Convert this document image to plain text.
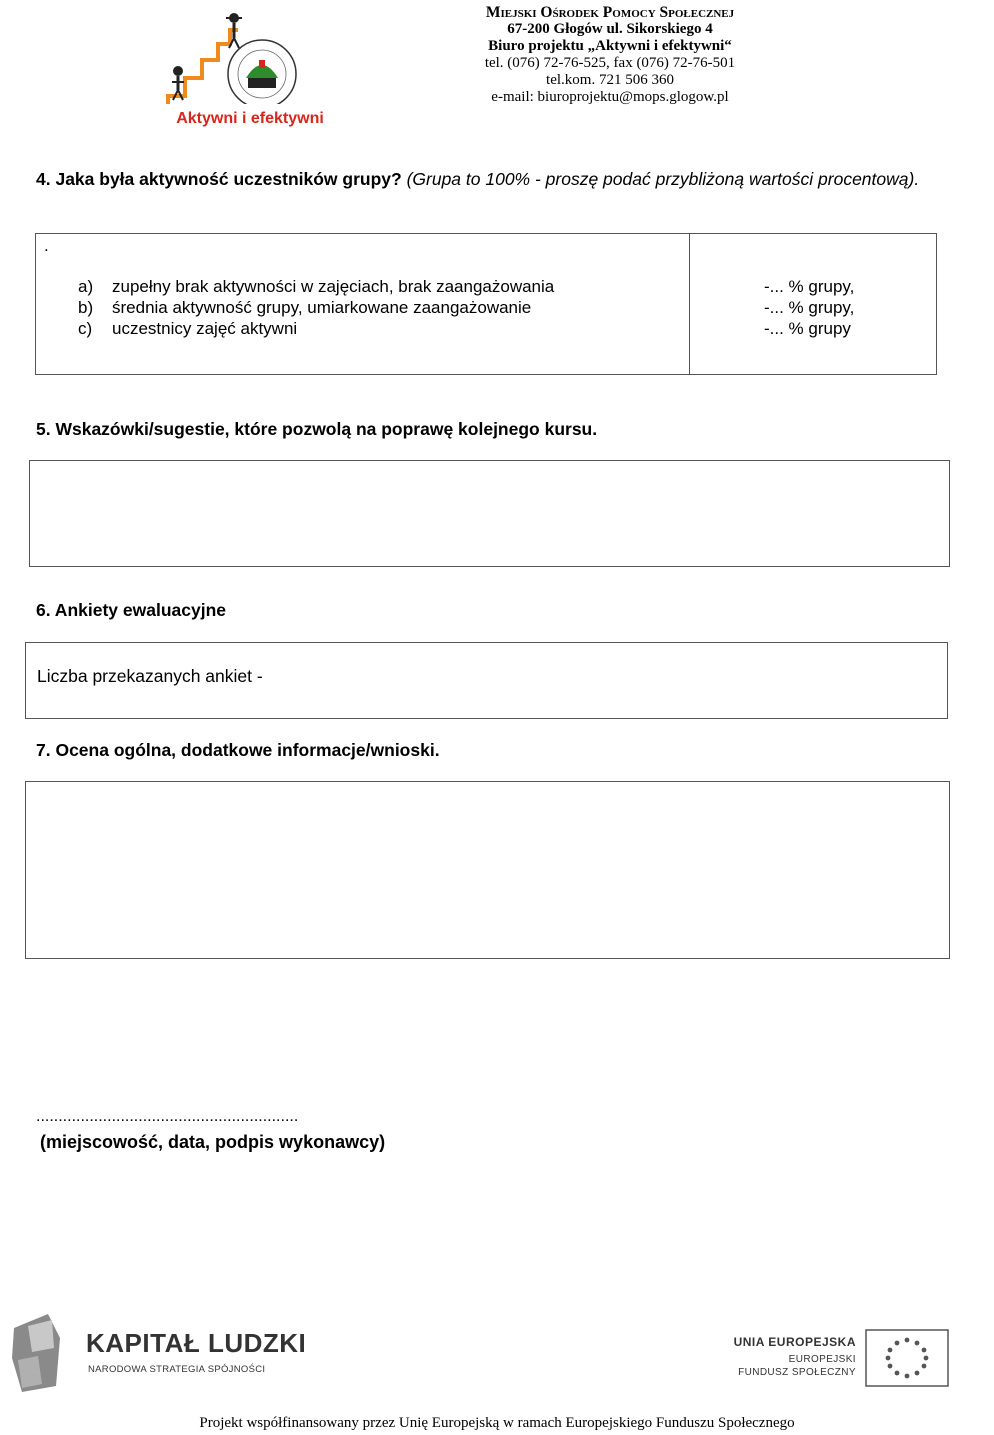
Aktywni i efektywni
Miejski Ośrodek Pomocy Społecznej
67-200 Głogów ul. Sikorskiego 4
Biuro projektu „Aktywni i efektywni“
tel. (076) 72-76-525, fax (076) 72-76-501
tel.kom. 721 506 360
e-mail: biuroprojektu@mops.glogow.pl
4. Jaka była aktywność uczestników grupy? (Grupa to 100% - proszę podać przybliżoną wartości procentową).
.
a) zupełny brak aktywności w zajęciach, brak zaangażowania
b) średnia aktywność grupy, umiarkowane zaangażowanie
c) uczestnicy zajęć aktywni
-... % grupy,
-... % grupy,
-... % grupy
5. Wskazówki/sugestie, które pozwolą na poprawę kolejnego kursu.
6. Ankiety ewaluacyjne
Liczba przekazanych ankiet -
7. Ocena ogólna, dodatkowe informacje/wnioski.
...........................................................
(miejscowość, data, podpis wykonawcy)
KAPITAŁ LUDZKI
NARODOWA STRATEGIA SPÓJNOŚCI
UNIA EUROPEJSKA
EUROPEJSKI
FUNDUSZ SPOŁECZNY
Projekt współfinansowany przez Unię Europejską w ramach Europejskiego Funduszu Społecznego
